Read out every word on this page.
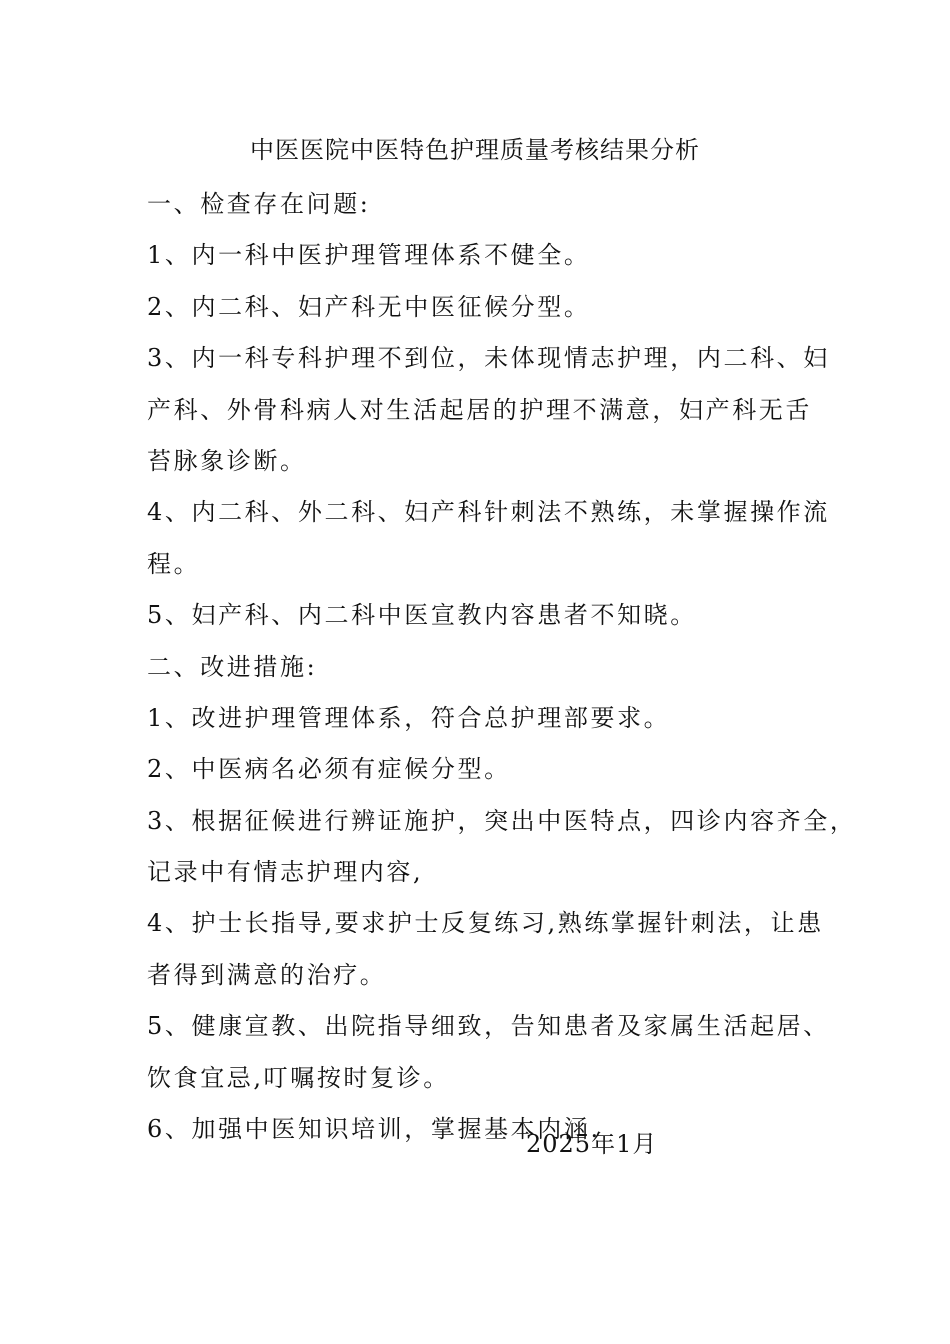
中医医院中医特色护理质量考核结果分析
一、检查存在问题:
1、内一科中医护理管理体系不健全。
2、内二科、妇产科无中医征候分型。
3、内一科专科护理不到位，未体现情志护理，内二科、妇
产科、外骨科病人对生活起居的护理不满意，妇产科无舌
苔脉象诊断。
4、内二科、外二科、妇产科针刺法不熟练，未掌握操作流
程。
5、妇产科、内二科中医宣教内容患者不知晓。
二、改进措施:
1、改进护理管理体系，符合总护理部要求。
2、中医病名必须有症候分型。
3、根据征候进行辨证施护，突出中医特点，四诊内容齐全，
记录中有情志护理内容,
4、护士长指导,要求护士反复练习,熟练掌握针刺法，让患
者得到满意的治疗。
5、健康宣教、出院指导细致，告知患者及家属生活起居、
饮食宜忌,叮嘱按时复诊。
6、加强中医知识培训，掌握基本内涵.
2025年1月
